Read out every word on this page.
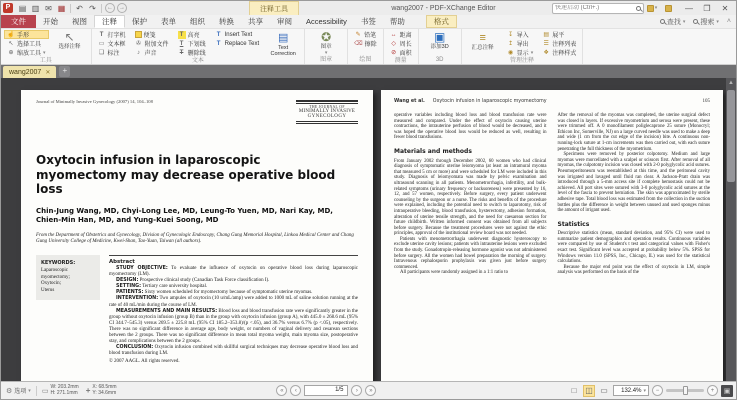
P
▤
▥
✉
▦
↶
↷
←	→	注释工具	wang2007 - PDF-XChange Editor
快速启动 (Ctrl+.)	▾	—	❐	✕
文件	开始	视图	注释	保护	表单	组织	转换	共享	审阅	Accessibility	书签	帮助	格式	查找 ▾ 搜索 ▾	˄
☝
手形
↖
选择工具
⊕
缩放工具 ▾
↖
选择注释
工具
T
打字机
▭
文本框
❑
标注
便笺
✇
附加文件
♪
声音
T
高亮
T
下划线
T
删除线
T
Insert Text
T
Replace Text
▤
Text Correction
文本
✪
图章
▾
图章
✎
铅笔
⌫
擦除
绘图
↔
距离
◇
周长
⊘
面积
测量
▣
添加3D
3D
≡
汇总注释
↧
导入
↥
导出
◉
显示 ▾
▤
展平
☰
注释列表
❖
注释样式
管理注释
wang2007 ✕	+
Journal of Minimally Invasive Gynecology (2007) 14, 104–108
THE JOURNAL OF
MINIMALLY INVASIVE
GYNECOLOGY
Oxytocin infusion in laparoscopic myomectomy may decrease operative blood loss
Chin-Jung Wang, MD, Chyi-Long Lee, MD, Leung-To Yuen, MD, Nari Kay, MD, Chien-Min Han, MD, and Yung-Kuei Soong, MD
From the Department of Obstetrics and Gynecology, Division of Gynecologic Endoscopy, Chang Gung Memorial Hospital, Linkou Medical Center and Chang Gung University College of Medicine, Kwei-Shan, Tao-Yuan, Taiwan (all authors).
KEYWORDS:
Laparoscopic
myomectomy;
Oxytocin;
Uterus
Abstract
STUDY OBJECTIVE: To evaluate the influence of oxytocin on operative blood loss during laparoscopic myomectomy (LM).
DESIGN: Prospective clinical study (Canadian Task Force classification I).
SETTING: Tertiary care university hospital.
PATIENTS: Sixty women scheduled for myomectomy because of symptomatic uterine myomas.
INTERVENTION: Two ampules of oxytocin (10 u/mL/amp) were added to 1000 mL of saline solution running at the rate of 40 mL/min during the course of LM.
MEASUREMENTS AND MAIN RESULTS: Blood loss and blood transfusion rate were significantly greater in the group without oxytocin infusion (group B) than in the group with oxytocin infusion (group A), with 445.0 ± 268.6 mL (95% CI 344.7–545.3) versus 269.5 ± 225.8 mL (95% CI 185.2–353.8)/(p <.05), and 36.7% versus 6.7% (p <.05), respectively. There was no significant difference in average age, body weight, or numbers of vaginal delivery and cesarean sections between the 2 groups. There was no significant difference in mean total myoma weight, main myoma size, postoperative stay, and complications between the 2 groups.
CONCLUSION: Oxytocin infusion combined with skillful surgical techniques may decrease operative blood loss and blood transfusion during LM.
© 2007 AAGL. All rights reserved.
Wang et al. Oxytocin infusion in laparoscopic myomectomy	105
operative variables including blood loss and blood transfusion rate were measured and compared. Under the effect of oxytocin causing uterine contractions, the intrauterine perfusion of blood would be decreased, and it was hoped the operative blood loss would be reduced as well, resulting in fewer blood transfusions.
Materials and methods
From January 2002 through December 2002, 60 women who had clinical diagnosis of symptomatic uterine leiomyoma (at least an intramural myoma that measured 5 cm or more) and were scheduled for LM were included in this study. Diagnosis of leiomyomata was made by pelvic examination and ultrasound scanning in all patients. Menometrorrhagia, infertility, and bulk-related symptoms (urinary frequency or backsoreness) were presented by 16, 12, and 57 women, respectively. Before surgery, every patient underwent counseling by the surgeon or a nurse. The risks and benefits of the procedure were explained, including the potential need to switch to laparotomy, risk of intraoperative bleeding, blood transfusion, hysterectomy, adhesion formation, alteration of uterine tensile strength, and the need for caesarean section for future childbirth. Written informed consent was obtained from all subjects before surgery. Because the treatment procedures were not against the ethic principles, approval of the institutional review board was not needed.
Patients with menometrorrhagia underwent diagnostic hysteroscopy to exclude uterine cavity lesions; patients with intrauterine lesions were excluded from the study. Gonadotropin-releasing hormone agonist was not administered before surgery. All the women had bowel preparation the morning of surgery. Intravenous cephalosporin prophylaxis was given just before surgery commenced.
All participants were randomly assigned in a 1:1 ratio to
After the removal of the myomas was completed, the uterine surgical defect was closed in layers. If excessive myometrium and serosa were present, these were trimmed off. A 0 monofilament poliglecaprone 25 suture (Monocryl; Ethicon Inc, Somerville, NJ) on a large curved needle was used to make a deep and wide (1 cm from the cut edge of the incision) bite. A continuous non-running-lock suture at 1-cm increments was then carried out, with each suture penetrating the full thickness of the myometrium.
Specimens were removed by posterior colpotomy. Medium and large myomas were morcellated with a scalpel or scissors first. After removal of all myomas, the culpotomy incision was closed with 2-0 polyglycolic acid sutures. Pneumoperitoneum was reestablished at this time, and the peritoneal cavity was irrigated and lavaged until fluid ran clear. A Jackson-Pratt drain was introduced through a 5-mm access site if complete hemostasis could not be achieved. All port sites were sutured with 3-0 polyglycolic acid sutures at the level of the fascia to prevent herniation. The skin was approximated by sterile adhesive tape. Total blood loss was estimated from the collection in the suction bottles plus the difference in weight between unused and used sponges minus the amount of irrigant used.
Statistics
Descriptive statistics (mean, standard deviation, and 95% CI) were used to summarize patient demographics and operation results. Continuous variables were compared by use of Student's t test and categorical values with Fisher's exact test. Significant level was accepted at probability below 5%. SPSS for Windows version 11.0 (SPSS, Inc., Chicago, IL) was used for the statistical calculations.
Because the major end point was the effect of oxytocin in LM, simple analysis was performed on the basis of the
▲
⚙
选项 ▾
▭
W: 203.2mm
H: 271.1mm
+
X: 68.5mm
Y: 34.6mm	«	‹	1/5	›	»	□	◫ ▭	132.4% ▾	−	+	▣
